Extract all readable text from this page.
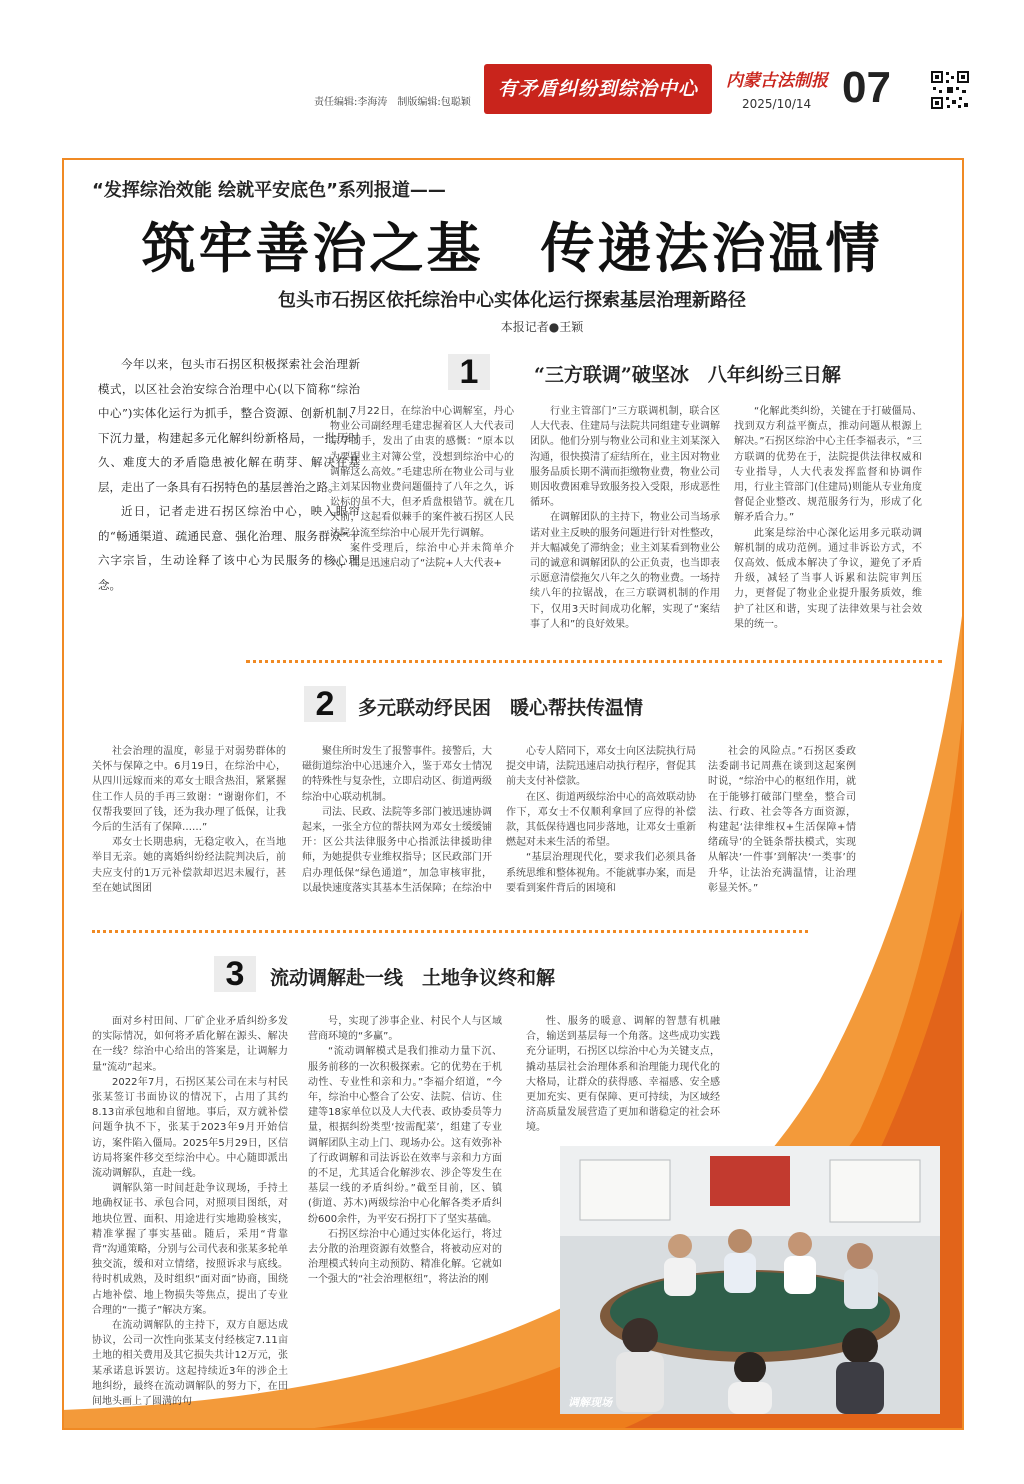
责任编辑:李海涛　制版编辑:包聪颖
有矛盾纠纷到综治中心	内蒙古法制报
2025/10/14 07
“发挥综治效能 绘就平安底色”系列报道——
筑牢善治之基　传递法治温情
包头市石拐区依托综治中心实体化运行探索基层治理新路径
本报记者●王颖

今年以来，包头市石拐区积极探索社会治理新模式，以区社会治安综合治理中心(以下简称“综治中心”)实体化运行为抓手，整合资源、创新机制、下沉力量，构建起多元化解纠纷新格局，一批历时久、难度大的矛盾隐患被化解在萌芽、解决在基层，走出了一条具有石拐特色的基层善治之路。

近日，记者走进石拐区综治中心，映入眼帘的“畅通渠道、疏通民意、强化治理、服务群众”十六字宗旨，生动诠释了该中心为民服务的核心理念。

1	“三方联调”破坚冰　八年纠纷三日解

7月22日，在综治中心调解室，丹心物业公司副经理毛建忠握着区人大代表司宗学的手，发出了由衷的感慨：“原本以为要跟业主对簿公堂，没想到综治中心的调解这么高效。”毛建忠所在物业公司与业主刘某因物业费问题僵持了八年之久，诉讼标的虽不大，但矛盾盘根错节。就在几天前，这起看似棘手的案件被石拐区人民法院分流至综治中心展开先行调解。

案件受理后，综治中心并未简单介入，而是迅速启动了“法院+人大代表+

行业主管部门”三方联调机制，联合区人大代表、住建局与法院共同组建专业调解团队。他们分别与物业公司和业主刘某深入沟通，很快摸清了症结所在，业主因对物业服务品质长期不满而拒缴物业费，物业公司则因收费困难导致服务投入受限，形成恶性循环。

在调解团队的主持下，物业公司当场承诺对业主反映的服务问题进行针对性整改，并大幅减免了滞纳金；业主刘某看到物业公司的诚意和调解团队的公正负责，也当即表示愿意清偿拖欠八年之久的物业费。一场持续八年的拉锯战，在三方联调机制的作用下，仅用3天时间成功化解，实现了“案结事了人和”的良好效果。

“化解此类纠纷，关键在于打破僵局、找到双方利益平衡点，推动问题从根源上解决。”石拐区综治中心主任李福表示，“三方联调的优势在于，法院提供法律权威和专业指导，人大代表发挥监督和协调作用，行业主管部门(住建局)则能从专业角度督促企业整改、规范服务行为，形成了化解矛盾合力。”

此案是综治中心深化运用多元联动调解机制的成功范例。通过非诉讼方式，不仅高效、低成本解决了争议，避免了矛盾升级，减轻了当事人诉累和法院审判压力，更督促了物业企业提升服务质效，维护了社区和谐，实现了法律效果与社会效果的统一。

2	多元联动纾民困　暖心帮扶传温情

社会治理的温度，彰显于对弱势群体的关怀与保障之中。6月19日，在综治中心，从四川远嫁而来的邓女士眼含热泪，紧紧握住工作人员的手再三致谢：“谢谢你们，不仅帮我要回了钱，还为我办理了低保，让我今后的生活有了保障……”

邓女士长期患病，无稳定收入，在当地举目无亲。她的离婚纠纷经法院判决后，前夫应支付的1万元补偿款却迟迟未履行，甚至在她试图团

聚住所时发生了报警事件。接警后，大磁街道综治中心迅速介入，鉴于邓女士情况的特殊性与复杂性，立即启动区、街道两级综治中心联动机制。

司法、民政、法院等多部门被迅速协调起来，一张全方位的帮扶网为邓女士缓缓铺开：区公共法律服务中心指派法律援助律师，为她提供专业维权指导；区民政部门开启办理低保“绿色通道”，加急审核审批，以最快速度落实其基本生活保障；在综治中

心专人陪同下，邓女士向区法院执行局提交申请，法院迅速启动执行程序，督促其前夫支付补偿款。

在区、街道两级综治中心的高效联动协作下，邓女士不仅顺利拿回了应得的补偿款，其低保待遇也同步落地，让邓女士重新燃起对未来生活的希望。

“基层治理现代化，要求我们必须具备系统思维和整体视角。不能就事办案，而是要看到案件背后的困境和

社会的风险点。”石拐区委政法委副书记周燕在谈到这起案例时说，“综治中心的枢纽作用，就在于能够打破部门壁垒，整合司法、行政、社会等各方面资源，构建起‘法律维权+生活保障+情绪疏导’的全链条帮扶模式，实现从解决‘一件事’到解决‘一类事’的升华，让法治充满温情，让治理彰显关怀。”

3	流动调解赴一线　土地争议终和解

面对乡村田间、厂矿企业矛盾纠纷多发的实际情况，如何将矛盾化解在源头、解决在一线？综治中心给出的答案是，让调解力量“流动”起来。

2022年7月，石拐区某公司在末与村民张某签订书面协议的情况下，占用了其约8.13亩承包地和自留地。事后，双方就补偿问题争执不下，张某于2023年9月开始信访，案件陷入僵局。2025年5月29日，区信访局将案件移交至综治中心。中心随即派出流动调解队，直赴一线。

调解队第一时间赶赴争议现场，手持土地确权证书、承包合同，对照项目图纸，对地块位置、面积、用途进行实地勘验核实，精准掌握了事实基础。随后，采用“背靠背”沟通策略，分别与公司代表和张某多轮单独交流，缓和对立情绪，按照诉求与底线。待时机成熟，及时组织“面对面”协商，围绕占地补偿、地上物损失等焦点，提出了专业合理的“一揽子”解决方案。

在流动调解队的主持下，双方自愿达成协议，公司一次性向张某支付经核定7.11亩土地的相关费用及其它损失共计12万元，张某承诺息诉罢访。这起持续近3年的涉企土地纠纷，最终在流动调解队的努力下，在田间地头画上了圆满的句

号，实现了涉事企业、村民个人与区域营商环境的“多赢”。

“流动调解模式是我们推动力量下沉、服务前移的一次积极探索。它的优势在于机动性、专业性和亲和力。”李福介绍道，“今年，综治中心整合了公安、法院、信访、住建等18家单位以及人大代表、政协委员等力量，根据纠纷类型‘按需配菜’，组建了专业调解团队主动上门、现场办公。这有效弥补了行政调解和司法诉讼在效率与亲和力方面的不足，尤其适合化解涉农、涉企等发生在基层一线的矛盾纠纷。”截至目前，区、镇(街道、苏木)两级综治中心化解各类矛盾纠纷600余件，为平安石拐打下了坚实基础。

石拐区综治中心通过实体化运行，将过去分散的治理资源有效整合，将被动应对的治理模式转向主动预防、精准化解。它就如一个强大的“社会治理枢纽”，将法治的刚

性、服务的暖意、调解的智慧有机融合，输送到基层每一个角落。这些成功实践充分证明，石拐区以综治中心为关键支点，撬动基层社会治理体系和治理能力现代化的大格局，让群众的获得感、幸福感、安全感更加充实、更有保障、更可持续，为区域经济高质量发展营造了更加和谐稳定的社会环境。

调解现场
